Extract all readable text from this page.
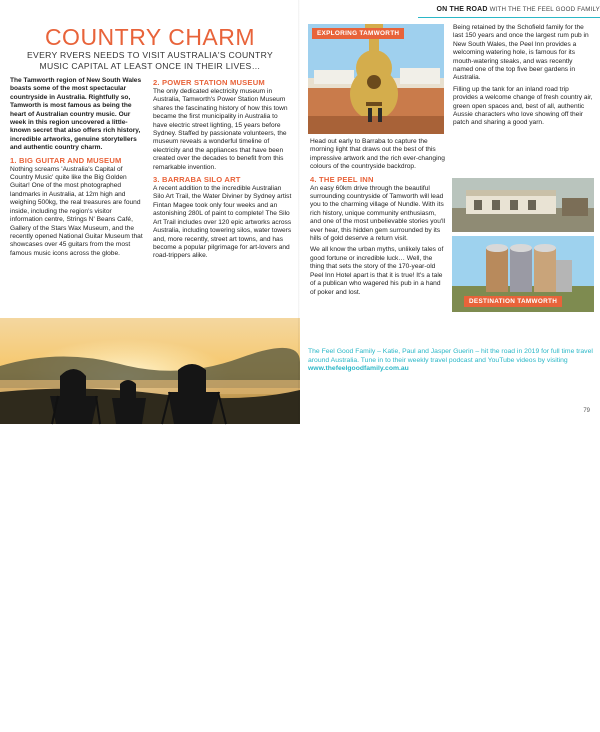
COUNTRY CHARM
EVERY RVERS NEEDS TO VISIT AUSTRALIA'S COUNTRY MUSIC CAPITAL AT LEAST ONCE IN THEIR LIVES…

The Tamworth region of New South Wales boasts some of the most spectacular countryside in Australia. Rightfully so, Tamworth is most famous as being the heart of Australian country music. Our week in this region uncovered a little-known secret that also offers rich history, incredible artworks, genuine storytellers and authentic country charm.

1. BIG GUITAR AND MUSEUM

Nothing screams 'Australia's Capital of Country Music' quite like the Big Golden Guitar! One of the most photographed landmarks in Australia, at 12m high and weighing 500kg, the real treasures are found inside, including the region's visitor information centre, Strings N' Beans Café, Gallery of the Stars Wax Museum, and the recently opened National Guitar Museum that showcases over 45 guitars from the most famous music icons across the globe.

2. POWER STATION MUSEUM

The only dedicated electricity museum in Australia, Tamworth's Power Station Museum shares the fascinating history of how this town became the first municipality in Australia to have electric street lighting, 15 years before Sydney. Staffed by passionate volunteers, the museum reveals a wonderful timeline of electricity and the appliances that have been created over the decades to benefit from this remarkable invention.

3. BARRABA SILO ART

A recent addition to the incredible Australian Silo Art Trail, the Water Diviner by Sydney artist Fintan Magee took only four weeks and an astonishing 280L of paint to complete! The Silo Art Trail includes over 120 epic artworks across Australia, including towering silos, water towers and, more recently, street art towns, and has become a popular pilgrimage for art-lovers and road-trippers alike.

78
ON THE ROAD WITH THE THE FEEL GOOD FAMILY
EXPLORING TAMWORTH

Head out early to Barraba to capture the morning light that draws out the best of this impressive artwork and the rich ever-changing colours of the countryside backdrop.

4. THE PEEL INN

An easy 60km drive through the beautiful surrounding countryside of Tamworth will lead you to the charming village of Nundle. With its rich history, unique community enthusiasm, and one of the most unbelievable stories you'll ever hear, this hidden gem surrounded by its hills of gold deserve a return visit.

We all know the urban myths, unlikely tales of good fortune or incredible luck… Well, the thing that sets the story of the 170-year-old Peel Inn Hotel apart is that it is true! It's a tale of a publican who wagered his pub in a hand of poker and lost.

Being retained by the Schofield family for the last 150 years and once the largest rum pub in New South Wales, the Peel Inn provides a welcoming watering hole, is famous for its mouth-watering steaks, and was recently named one of the top five beer gardens in Australia.

Filling up the tank for an inland road trip provides a welcome change of fresh country air, green open spaces and, best of all, authentic Aussie characters who love showing off their patch and sharing a good yarn.

DESTINATION TAMWORTH
The Feel Good Family – Katie, Paul and Jasper Guerin – hit the road in 2019 for full time travel around Australia. Tune in to their weekly travel podcast and YouTube videos by visiting www.thefeelgoodfamily.com.au
79
